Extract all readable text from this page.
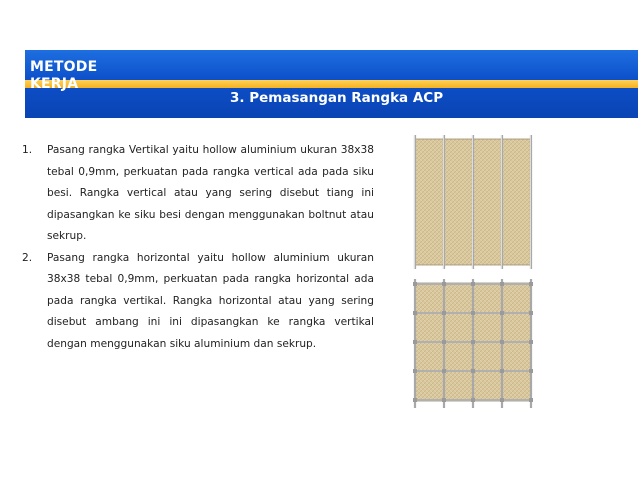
METODE KERJA
3. Pemasangan Rangka ACP
1. Pasang rangka Vertikal yaitu hollow aluminium ukuran 38x38 tebal 0,9mm, perkuatan pada rangka vertical ada pada siku besi. Rangka vertical atau yang sering disebut tiang ini dipasangkan ke siku besi dengan menggunakan boltnut atau sekrup.
2. Pasang rangka horizontal yaitu hollow aluminium ukuran 38x38 tebal 0,9mm, perkuatan pada rangka horizontal ada pada rangka vertikal. Rangka horizontal atau yang sering disebut ambang ini ini dipasangkan ke rangka vertikal dengan menggunakan siku aluminium dan sekrup.
